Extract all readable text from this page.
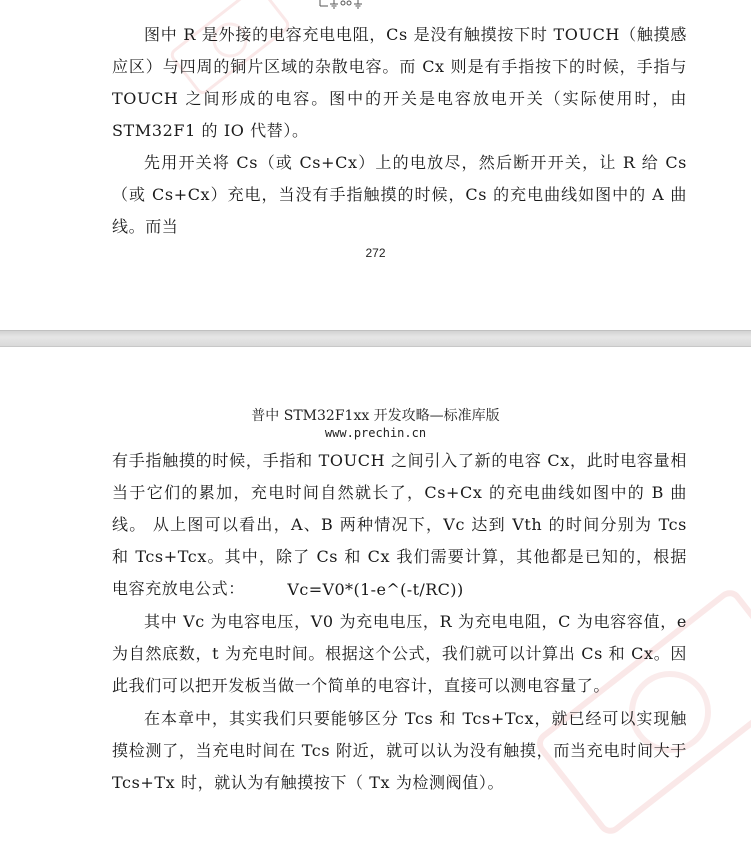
图中 R 是外接的电容充电电阻，Cs 是没有触摸按下时 TOUCH（触摸感应区）与四周的铜片区域的杂散电容。而 Cx 则是有手指按下的时候，手指与 TOUCH 之间形成的电容。图中的开关是电容放电开关（实际使用时，由 STM32F1 的 IO 代替）。

先用开关将 Cs（或 Cs+Cx）上的电放尽，然后断开开关，让 R 给 Cs（或 Cs+Cx）充电，当没有手指触摸的时候，Cs 的充电曲线如图中的 A 曲线。而当

272
普中 STM32F1xx 开发攻略—标准库版
www.prechin.cn

有手指触摸的时候，手指和 TOUCH 之间引入了新的电容 Cx，此时电容量相当于它们的累加，充电时间自然就长了，Cs+Cx 的充电曲线如图中的 B 曲线。 从上图可以看出，A、B 两种情况下，Vc 达到 Vth 的时间分别为 Tcs 和 Tcs+Tcx。其中，除了 Cs 和 Cx 我们需要计算，其他都是已知的，根据电容充放电公式：	Vc=V0*(1-e^(-t/RC))

其中 Vc 为电容电压，V0 为充电电压，R 为充电电阻，C 为电容容值，e 为自然底数，t 为充电时间。根据这个公式，我们就可以计算出 Cs 和 Cx。因此我们可以把开发板当做一个简单的电容计，直接可以测电容量了。

在本章中，其实我们只要能够区分 Tcs 和 Tcs+Tcx，就已经可以实现触摸检测了，当充电时间在 Tcs 附近，就可以认为没有触摸，而当充电时间大于 Tcs+Tx 时，就认为有触摸按下（ Tx 为检测阀值）。
